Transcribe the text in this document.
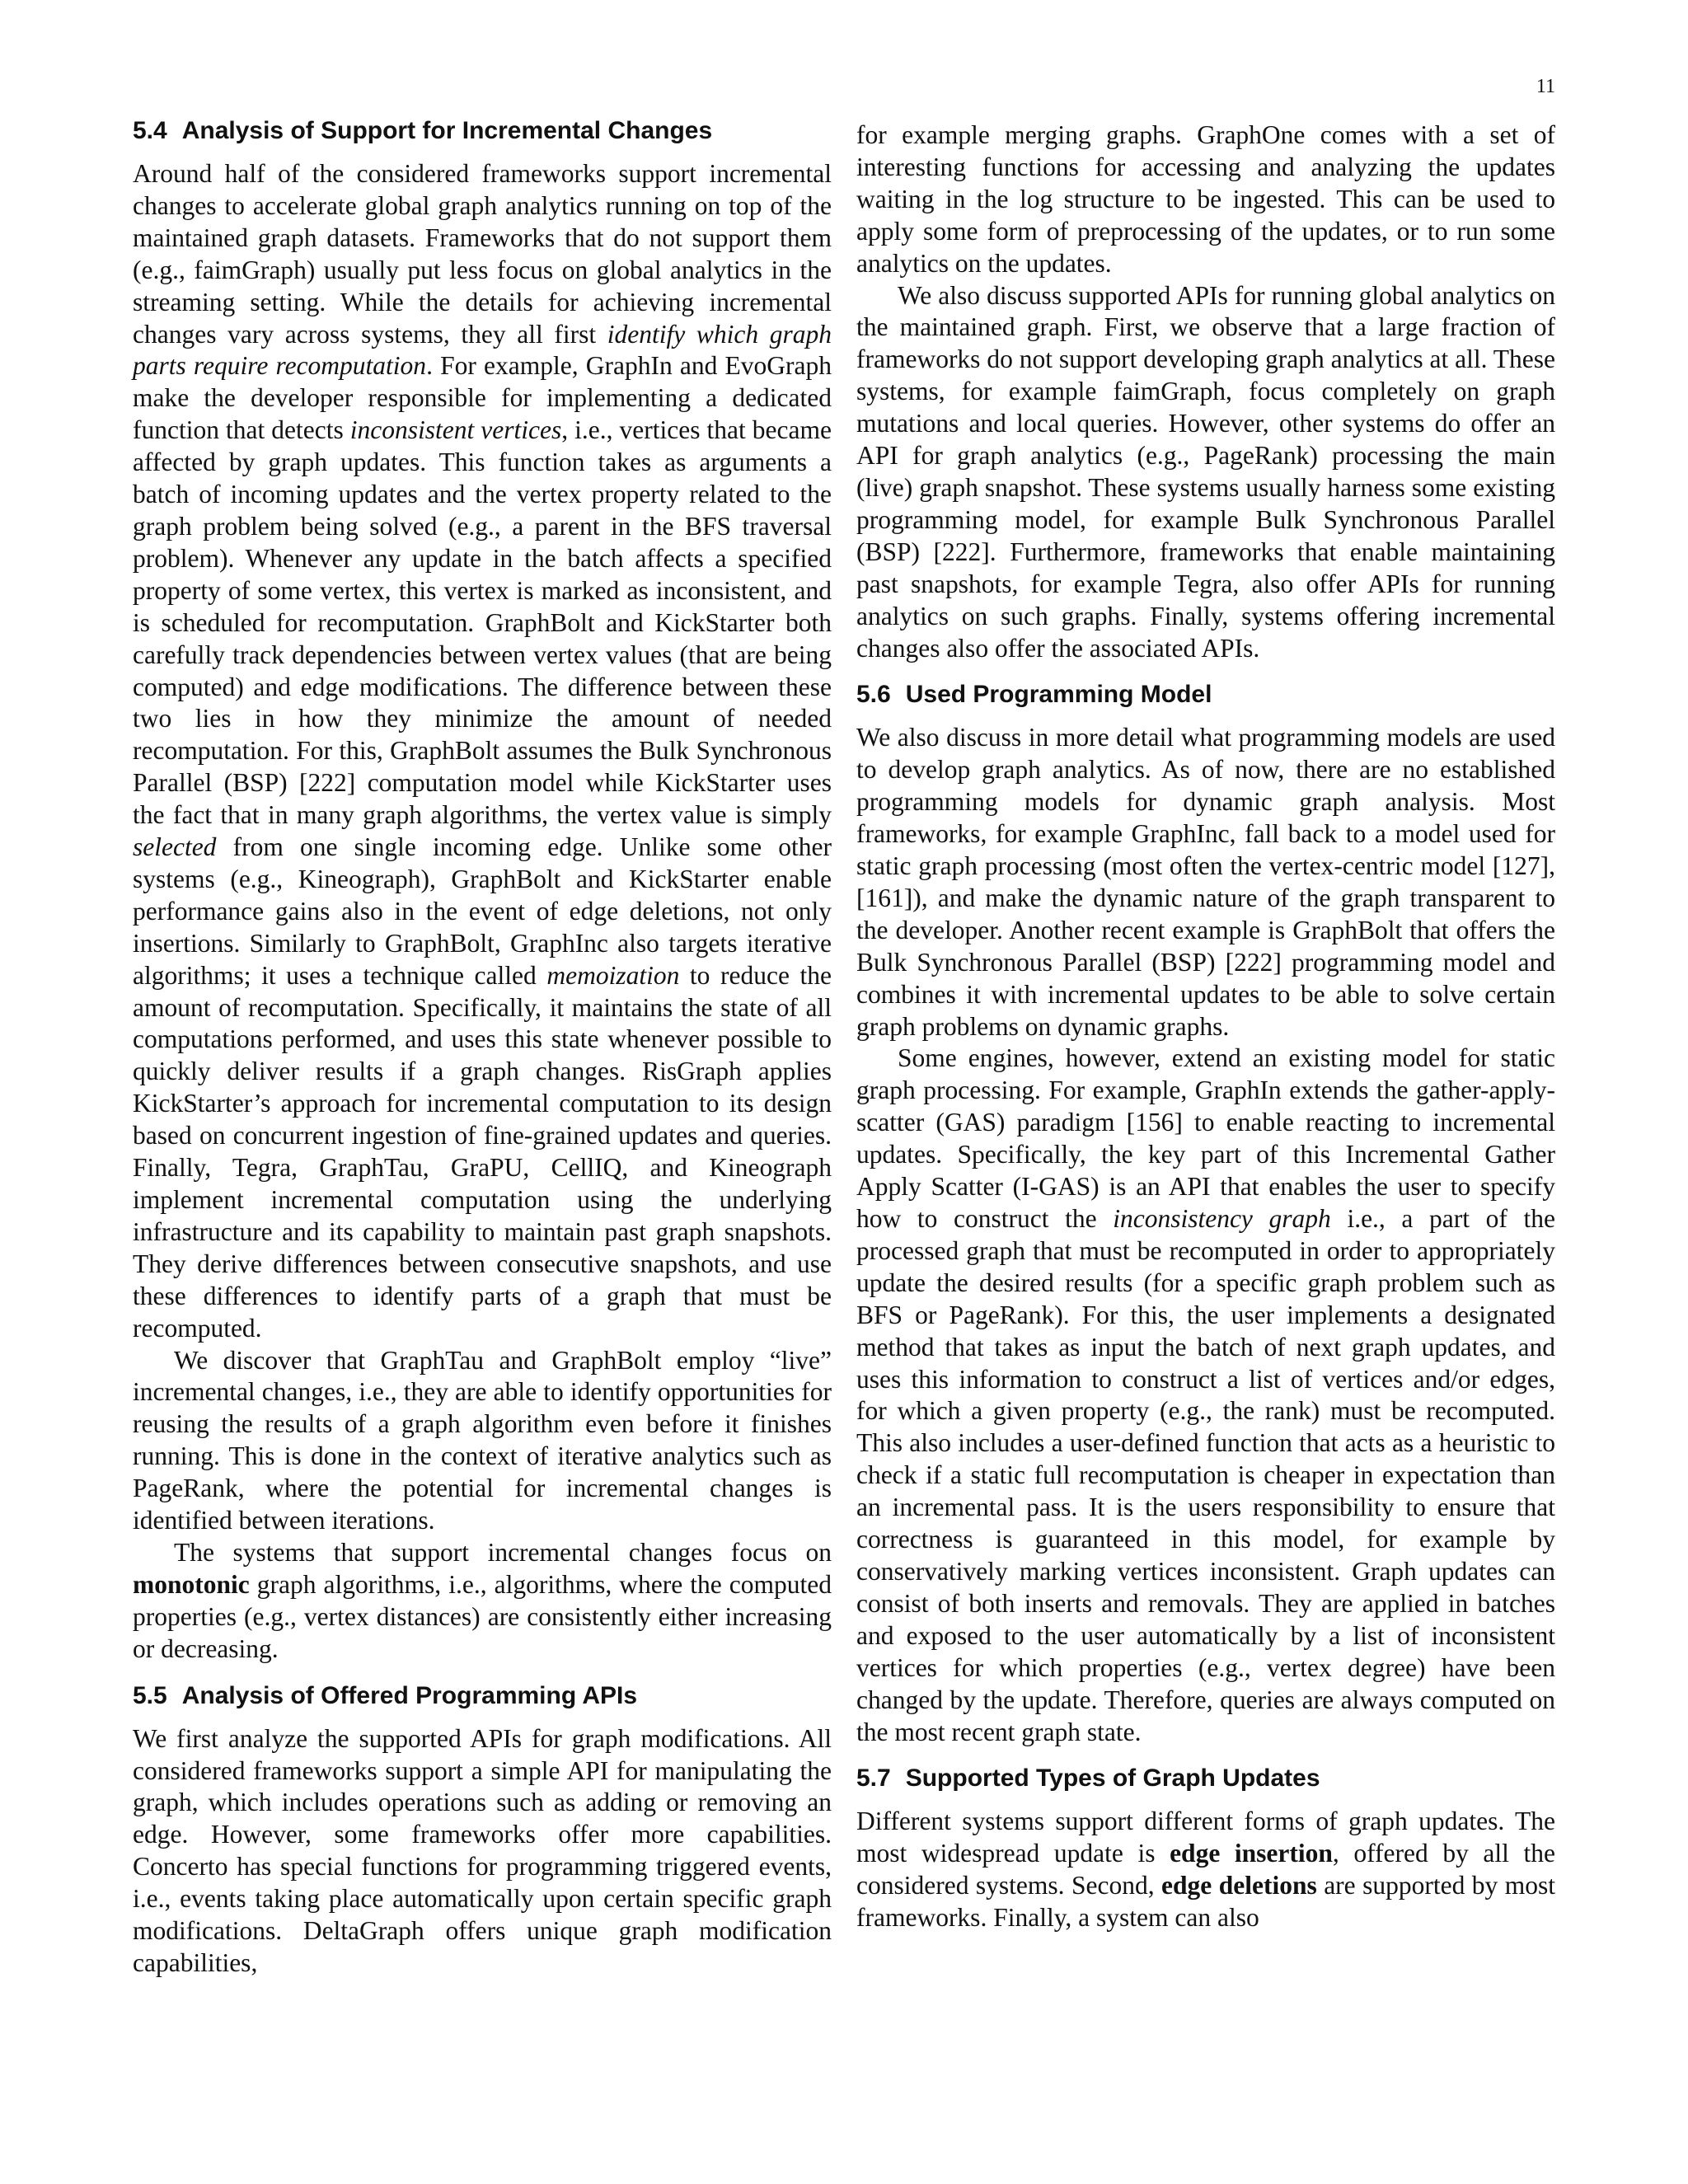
11
5.4 Analysis of Support for Incremental Changes

Around half of the considered frameworks support incremental changes to accelerate global graph analytics running on top of the maintained graph datasets. Frameworks that do not support them (e.g., faimGraph) usually put less focus on global analytics in the streaming setting. While the details for achieving incremental changes vary across systems, they all first identify which graph parts require recomputation. For example, GraphIn and EvoGraph make the developer responsible for implementing a dedicated function that detects inconsistent vertices, i.e., vertices that became affected by graph updates. This function takes as arguments a batch of incoming updates and the vertex property related to the graph problem being solved (e.g., a parent in the BFS traversal problem). Whenever any update in the batch affects a specified property of some vertex, this vertex is marked as inconsistent, and is scheduled for recomputation. GraphBolt and KickStarter both carefully track dependencies between vertex values (that are being computed) and edge modifications. The difference between these two lies in how they minimize the amount of needed recomputation. For this, GraphBolt assumes the Bulk Synchronous Parallel (BSP) [222] computation model while KickStarter uses the fact that in many graph algorithms, the vertex value is simply selected from one single incoming edge. Unlike some other systems (e.g., Kineograph), GraphBolt and KickStarter enable performance gains also in the event of edge deletions, not only insertions. Similarly to GraphBolt, GraphInc also targets iterative algorithms; it uses a technique called memoization to reduce the amount of recomputation. Specifically, it maintains the state of all computations performed, and uses this state whenever possible to quickly deliver results if a graph changes. RisGraph applies KickStarter’s approach for incremental computation to its design based on concurrent ingestion of fine-grained updates and queries. Finally, Tegra, GraphTau, GraPU, CellIQ, and Kineograph implement incremental computation using the underlying infrastructure and its capability to maintain past graph snapshots. They derive differences between consecutive snapshots, and use these differences to identify parts of a graph that must be recomputed.

We discover that GraphTau and GraphBolt employ “live” incremental changes, i.e., they are able to identify opportunities for reusing the results of a graph algorithm even before it finishes running. This is done in the context of iterative analytics such as PageRank, where the potential for incremental changes is identified between iterations.

The systems that support incremental changes focus on monotonic graph algorithms, i.e., algorithms, where the computed properties (e.g., vertex distances) are consistently either increasing or decreasing.

5.5 Analysis of Offered Programming APIs

We first analyze the supported APIs for graph modifications. All considered frameworks support a simple API for manipulating the graph, which includes operations such as adding or removing an edge. However, some frameworks offer more capabilities. Concerto has special functions for programming triggered events, i.e., events taking place automatically upon certain specific graph modifications. DeltaGraph offers unique graph modification capabilities,

for example merging graphs. GraphOne comes with a set of interesting functions for accessing and analyzing the updates waiting in the log structure to be ingested. This can be used to apply some form of preprocessing of the updates, or to run some analytics on the updates.

We also discuss supported APIs for running global analytics on the maintained graph. First, we observe that a large fraction of frameworks do not support developing graph analytics at all. These systems, for example faimGraph, focus completely on graph mutations and local queries. However, other systems do offer an API for graph analytics (e.g., PageRank) processing the main (live) graph snapshot. These systems usually harness some existing programming model, for example Bulk Synchronous Parallel (BSP) [222]. Furthermore, frameworks that enable maintaining past snapshots, for example Tegra, also offer APIs for running analytics on such graphs. Finally, systems offering incremental changes also offer the associated APIs.

5.6 Used Programming Model

We also discuss in more detail what programming models are used to develop graph analytics. As of now, there are no established programming models for dynamic graph analysis. Most frameworks, for example GraphInc, fall back to a model used for static graph processing (most often the vertex-centric model [127], [161]), and make the dynamic nature of the graph transparent to the developer. Another recent example is GraphBolt that offers the Bulk Synchronous Parallel (BSP) [222] programming model and combines it with incremental updates to be able to solve certain graph problems on dynamic graphs.

Some engines, however, extend an existing model for static graph processing. For example, GraphIn extends the gather-apply-scatter (GAS) paradigm [156] to enable reacting to incremental updates. Specifically, the key part of this Incremental Gather Apply Scatter (I-GAS) is an API that enables the user to specify how to construct the inconsistency graph i.e., a part of the processed graph that must be recomputed in order to appropriately update the desired results (for a specific graph problem such as BFS or PageRank). For this, the user implements a designated method that takes as input the batch of next graph updates, and uses this information to construct a list of vertices and/or edges, for which a given property (e.g., the rank) must be recomputed. This also includes a user-defined function that acts as a heuristic to check if a static full recomputation is cheaper in expectation than an incremental pass. It is the users responsibility to ensure that correctness is guaranteed in this model, for example by conservatively marking vertices inconsistent. Graph updates can consist of both inserts and removals. They are applied in batches and exposed to the user automatically by a list of inconsistent vertices for which properties (e.g., vertex degree) have been changed by the update. Therefore, queries are always computed on the most recent graph state.

5.7 Supported Types of Graph Updates

Different systems support different forms of graph updates. The most widespread update is edge insertion, offered by all the considered systems. Second, edge deletions are supported by most frameworks. Finally, a system can also
